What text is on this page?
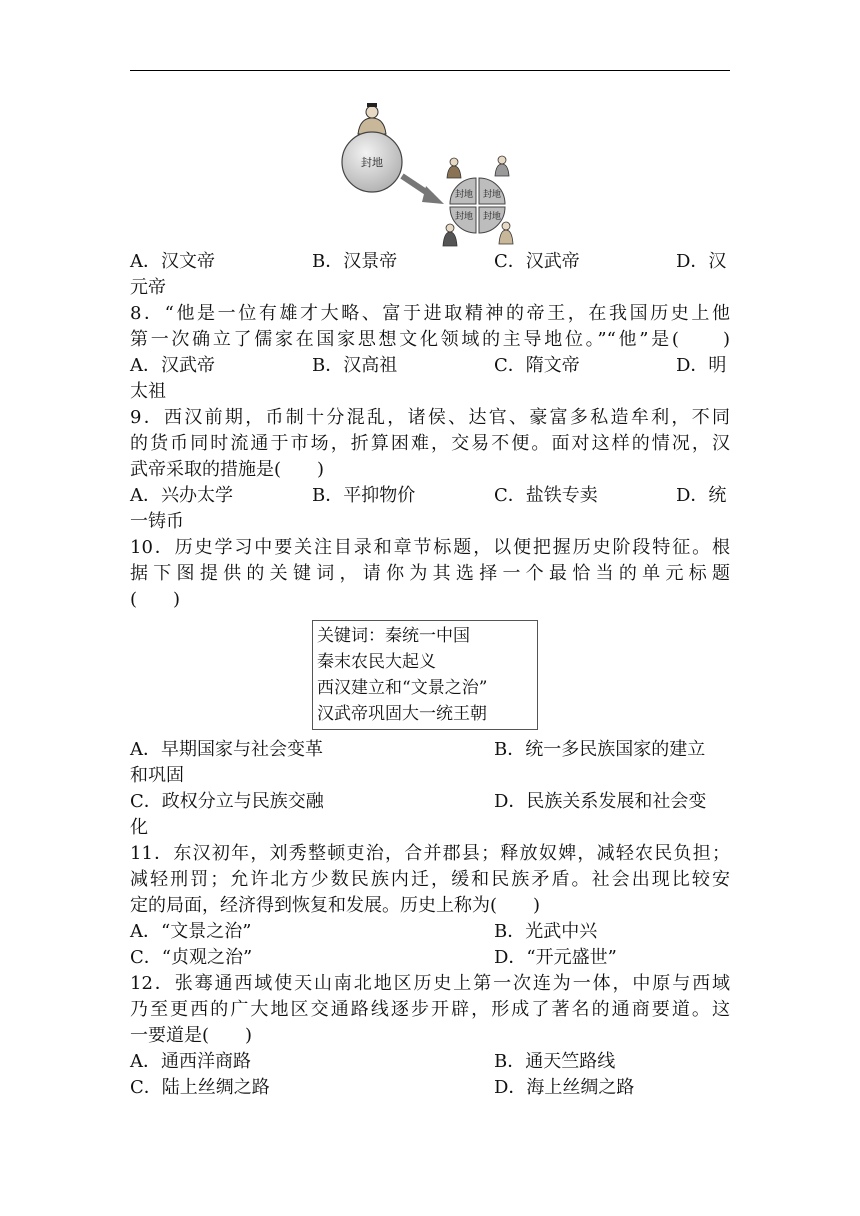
封地
封地 封地
封地 封地
A．汉文帝	B．汉景帝	C．汉武帝	D．汉
元帝
8．“他是一位有雄才大略、富于进取精神的帝王，在我国历史上他
第一次确立了儒家在国家思想文化领域的主导地位。”“他”是(　　)
A．汉武帝	B．汉高祖	C．隋文帝	D．明
太祖
9．西汉前期，币制十分混乱，诸侯、达官、豪富多私造牟利，不同
的货币同时流通于市场，折算困难，交易不便。面对这样的情况，汉
武帝采取的措施是(　　)
A．兴办太学	B．平抑物价	C．盐铁专卖	D．统
一铸币
10．历史学习中要关注目录和章节标题，以便把握历史阶段特征。根
据下图提供的关键词，请你为其选择一个最恰当的单元标题
(　　)
关键词：秦统一中国
秦末农民大起义
西汉建立和“文景之治”
汉武帝巩固大一统王朝
A．早期国家与社会变革	B．统一多民族国家的建立
和巩固
C．政权分立与民族交融	D．民族关系发展和社会变
化
11．东汉初年，刘秀整顿吏治，合并郡县；释放奴婢，减轻农民负担；
减轻刑罚；允许北方少数民族内迁，缓和民族矛盾。社会出现比较安
定的局面，经济得到恢复和发展。历史上称为(　　)
A．“文景之治”	B．光武中兴
C．“贞观之治”	D．“开元盛世”
12．张骞通西域使天山南北地区历史上第一次连为一体，中原与西域
乃至更西的广大地区交通路线逐步开辟，形成了著名的通商要道。这
一要道是(　　)
A．通西洋商路	B．通天竺路线
C．陆上丝绸之路	D．海上丝绸之路
